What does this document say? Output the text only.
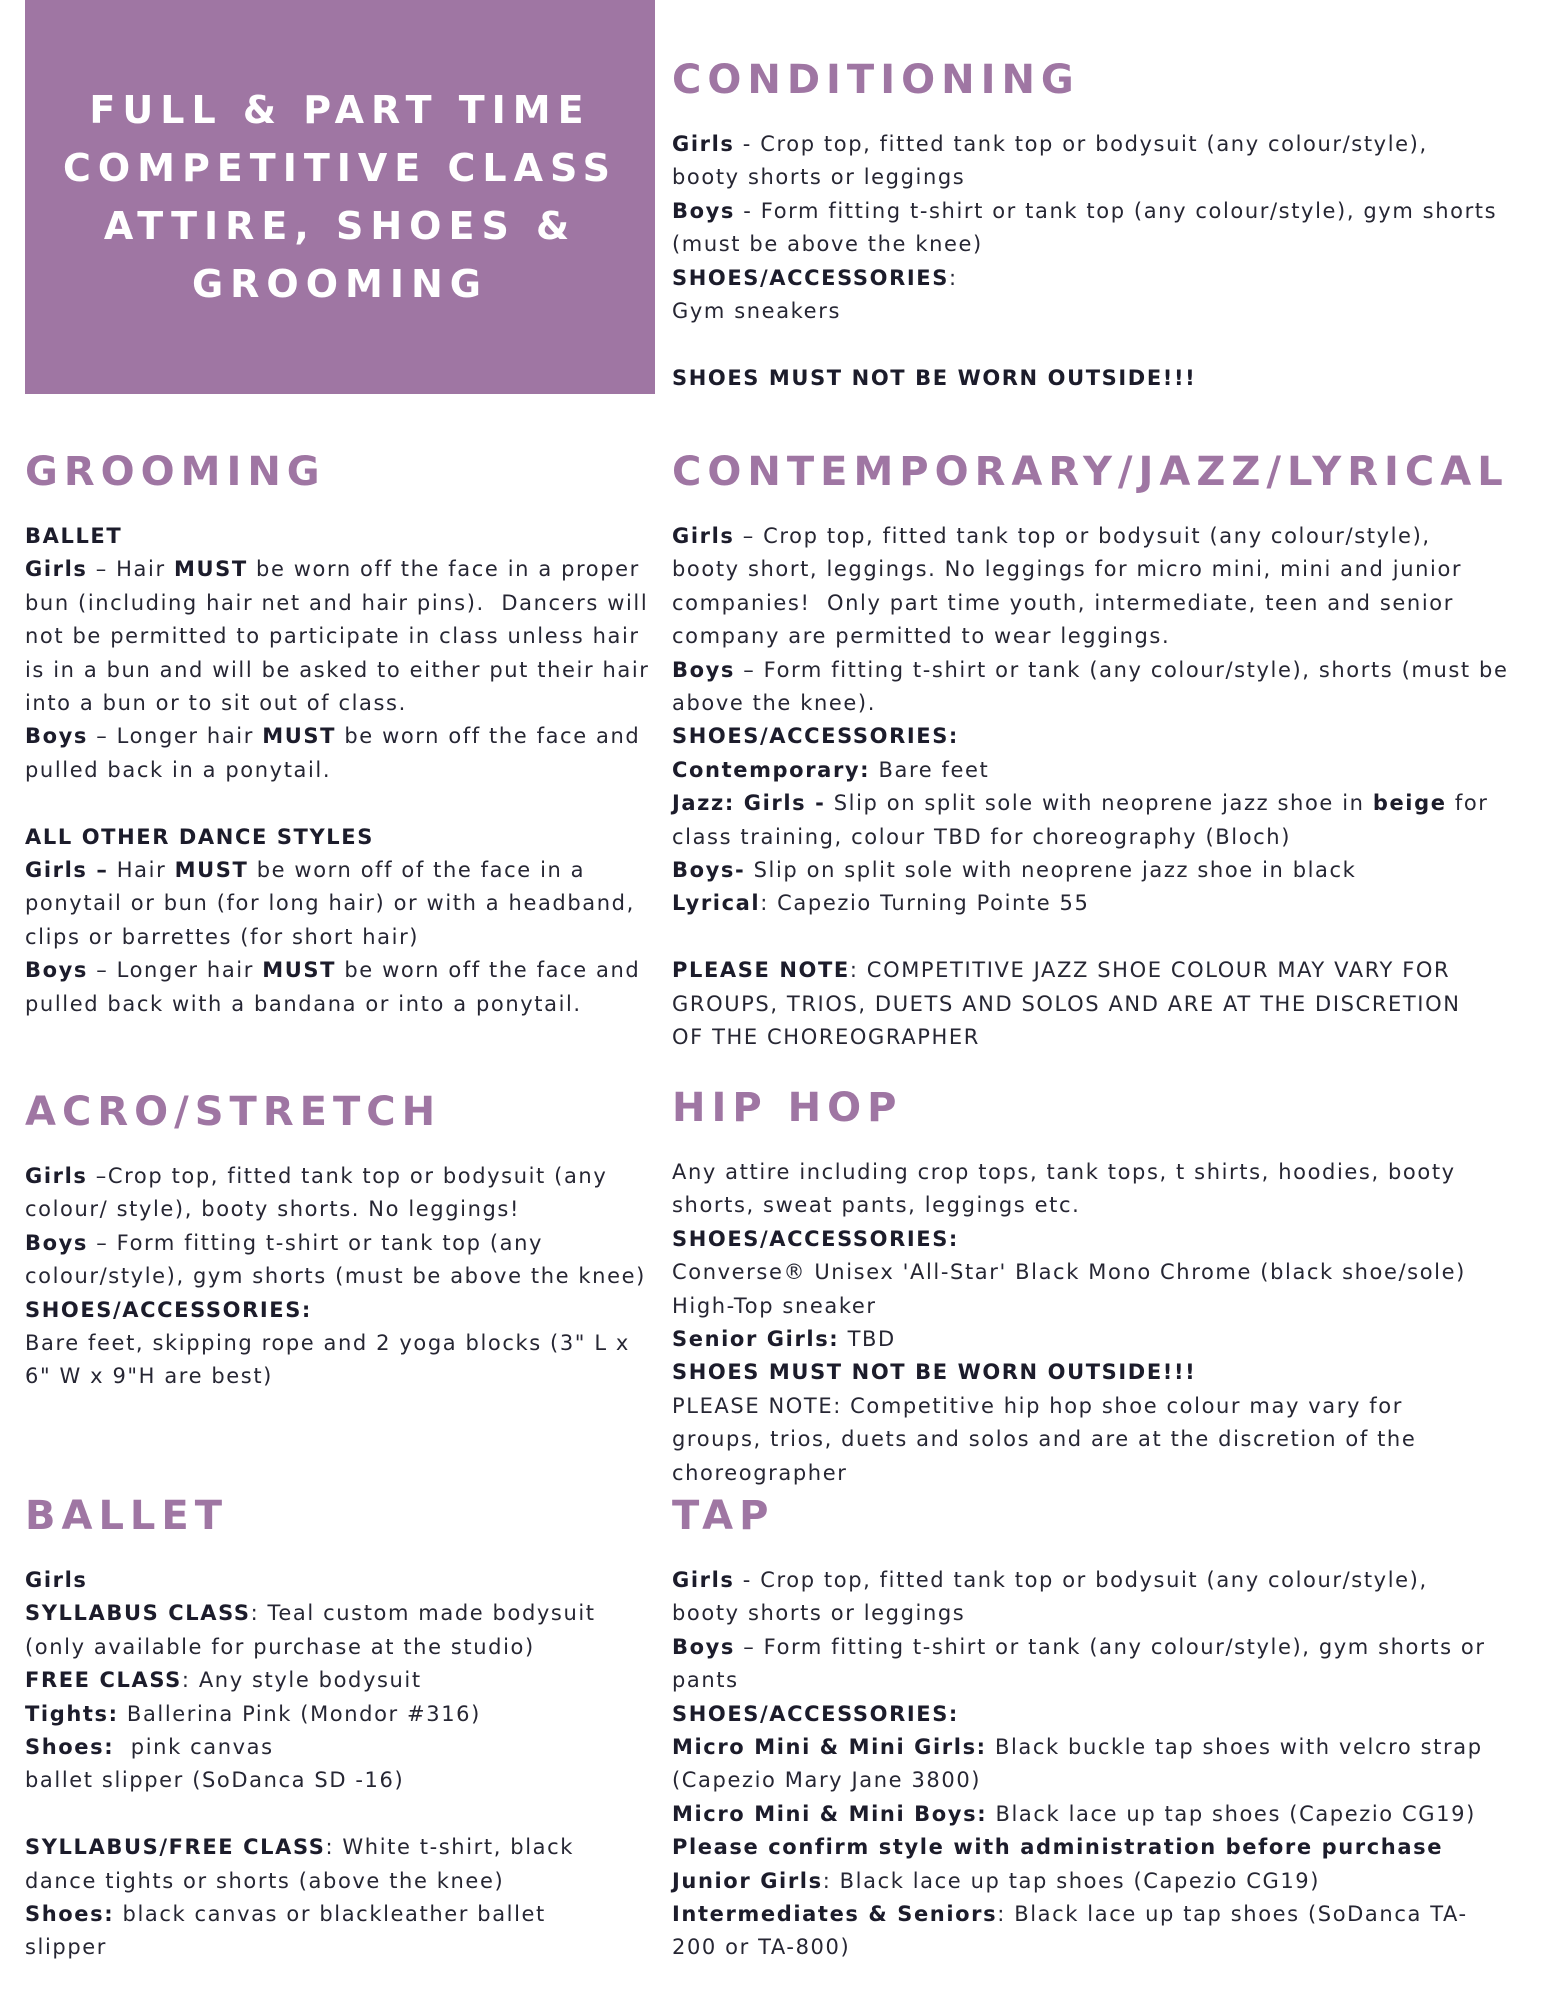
FULL & PART TIME COMPETITIVE CLASS ATTIRE, SHOES & GROOMING
CONDITIONING
Girls - Crop top, fitted tank top or bodysuit (any colour/style),
booty shorts or leggings
Boys - Form fitting t-shirt or tank top (any colour/style), gym shorts
(must be above the knee)
SHOES/ACCESSORIES:
Gym sneakers
SHOES MUST NOT BE WORN OUTSIDE!!!
GROOMING
BALLET
Girls – Hair MUST be worn off the face in a proper
bun (including hair net and hair pins).  Dancers will
not be permitted to participate in class unless hair
is in a bun and will be asked to either put their hair
into a bun or to sit out of class.
Boys – Longer hair MUST be worn off the face and
pulled back in a ponytail.
ALL OTHER DANCE STYLES
Girls – Hair MUST be worn off of the face in a
ponytail or bun (for long hair) or with a headband,
clips or barrettes (for short hair)
Boys – Longer hair MUST be worn off the face and
pulled back with a bandana or into a ponytail.
CONTEMPORARY/JAZZ/LYRICAL
Girls – Crop top, fitted tank top or bodysuit (any colour/style),
booty short, leggings. No leggings for micro mini, mini and junior
companies!  Only part time youth, intermediate, teen and senior
company are permitted to wear leggings.
Boys – Form fitting t-shirt or tank (any colour/style), shorts (must be
above the knee).
SHOES/ACCESSORIES:
Contemporary: Bare feet
Jazz: Girls - Slip on split sole with neoprene jazz shoe in beige for
class training, colour TBD for choreography (Bloch)
Boys- Slip on split sole with neoprene jazz shoe in black
Lyrical: Capezio Turning Pointe 55
PLEASE NOTE: COMPETITIVE JAZZ SHOE COLOUR MAY VARY FOR
GROUPS, TRIOS, DUETS AND SOLOS AND ARE AT THE DISCRETION
OF THE CHOREOGRAPHER
ACRO/STRETCH
Girls –Crop top, fitted tank top or bodysuit (any
colour/ style), booty shorts. No leggings!
Boys – Form fitting t-shirt or tank top (any
colour/style), gym shorts (must be above the knee)
SHOES/ACCESSORIES:
Bare feet, skipping rope and 2 yoga blocks (3" L x
6" W x 9"H are best)
HIP HOP
Any attire including crop tops, tank tops, t shirts, hoodies, booty
shorts, sweat pants, leggings etc.
SHOES/ACCESSORIES:
Converse® Unisex 'All-Star' Black Mono Chrome (black shoe/sole)
High-Top sneaker
Senior Girls: TBD
SHOES MUST NOT BE WORN OUTSIDE!!!
PLEASE NOTE: Competitive hip hop shoe colour may vary for
groups, trios, duets and solos and are at the discretion of the
choreographer
BALLET
Girls
SYLLABUS CLASS: Teal custom made bodysuit
(only available for purchase at the studio)
FREE CLASS: Any style bodysuit
Tights: Ballerina Pink (Mondor #316)
Shoes:  pink canvas
ballet slipper (SoDanca SD -16)
SYLLABUS/FREE CLASS: White t-shirt, black
dance tights or shorts (above the knee)
Shoes: black canvas or blackleather ballet
slipper
TAP
Girls - Crop top, fitted tank top or bodysuit (any colour/style),
booty shorts or leggings
Boys – Form fitting t-shirt or tank (any colour/style), gym shorts or
pants
SHOES/ACCESSORIES:
Micro Mini & Mini Girls: Black buckle tap shoes with velcro strap
(Capezio Mary Jane 3800)
Micro Mini & Mini Boys: Black lace up tap shoes (Capezio CG19)
Please confirm style with administration before purchase
Junior Girls: Black lace up tap shoes (Capezio CG19)
Intermediates & Seniors: Black lace up tap shoes (SoDanca TA-
200 or TA-800)
